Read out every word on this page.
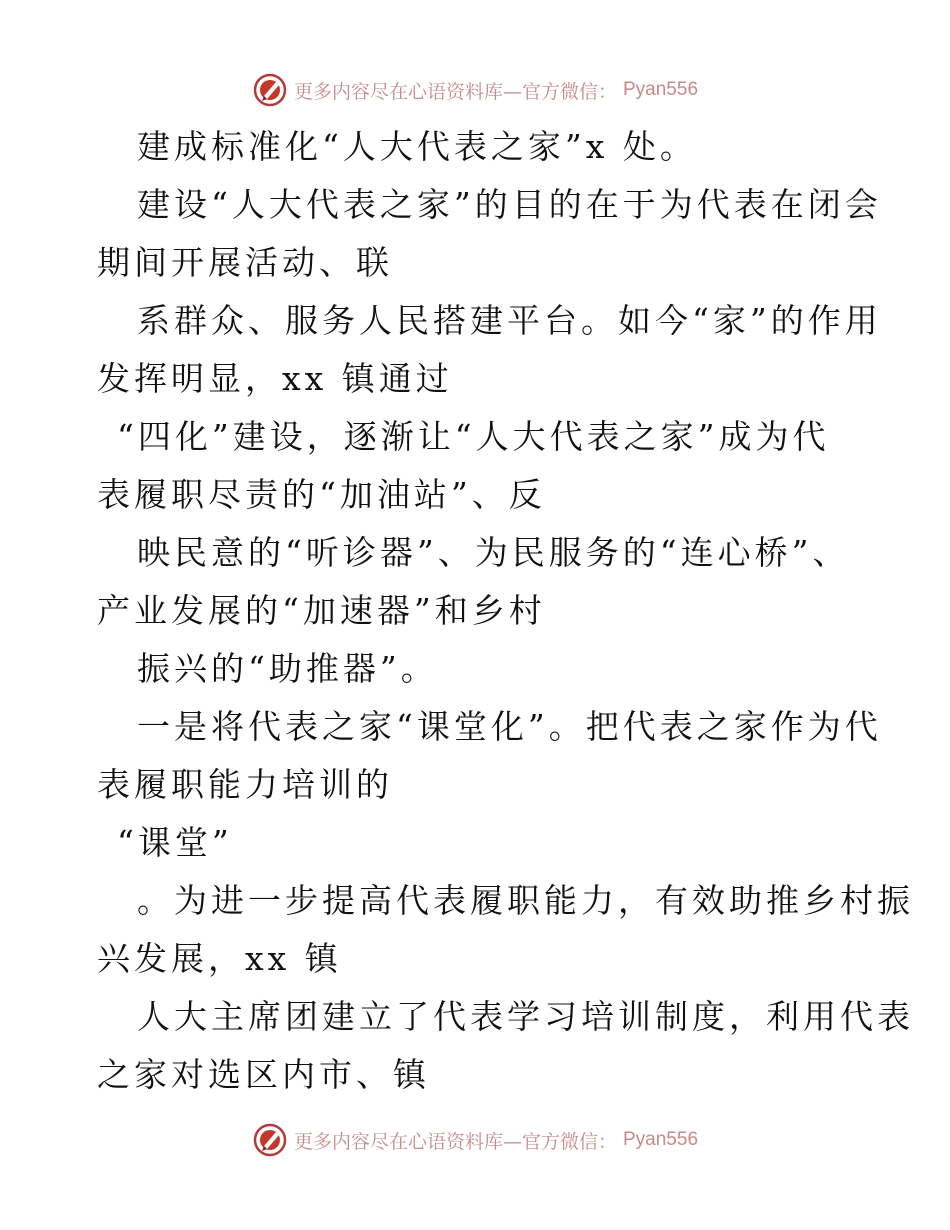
更多内容尽在心语资料库—官方微信： Pyan556
建成标准化“人大代表之家”x 处。
建设“人大代表之家”的目的在于为代表在闭会
期间开展活动、联
系群众、服务人民搭建平台。如今“家”的作用
发挥明显，xx 镇通过
“四化”建设，逐渐让“人大代表之家”成为代
表履职尽责的“加油站”、反
映民意的“听诊器”、为民服务的“连心桥”、
产业发展的“加速器”和乡村
振兴的“助推器”。
一是将代表之家“课堂化”。把代表之家作为代
表履职能力培训的
“课堂”
。为进一步提高代表履职能力，有效助推乡村振
兴发展，xx 镇
人大主席团建立了代表学习培训制度，利用代表
之家对选区内市、镇
更多内容尽在心语资料库—官方微信： Pyan556
